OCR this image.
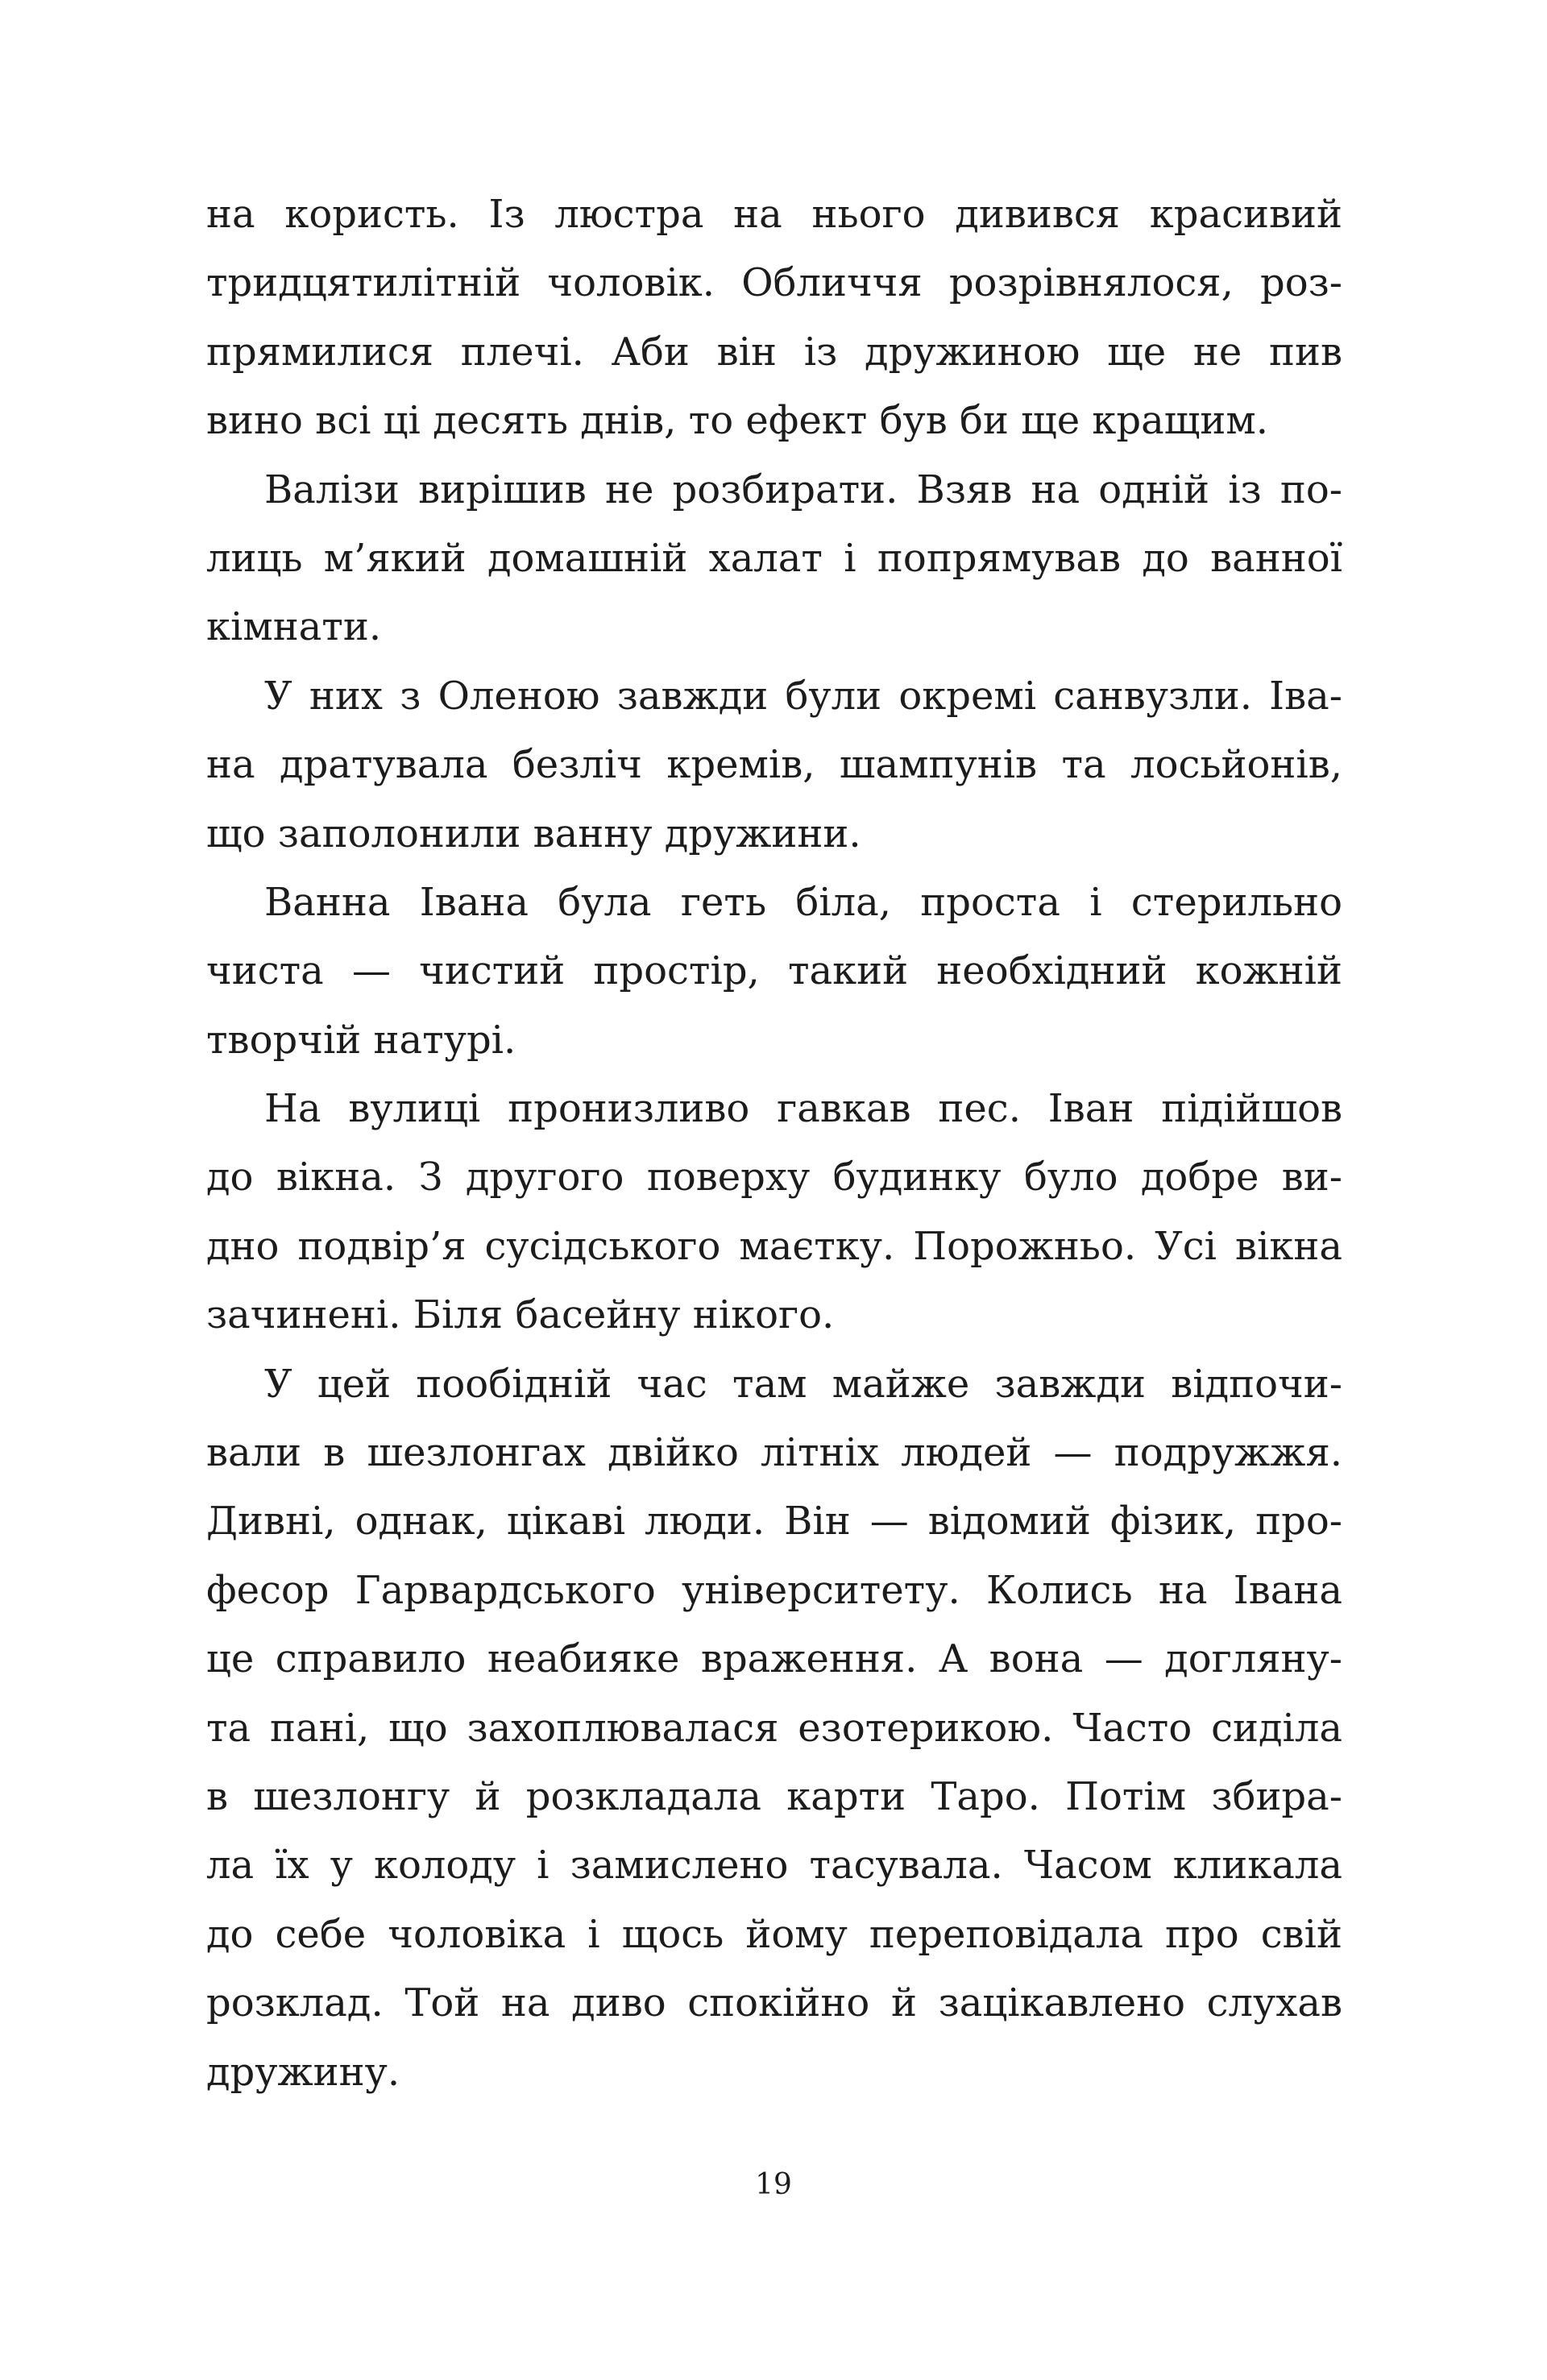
на користь. Із люстра на нього дивився красивий
тридцятилітній чоловік. Обличчя розрівнялося, роз-
прямилися плечі. Аби він із дружиною ще не пив
вино всі ці десять днів, то ефект був би ще кращим.
Валізи вирішив не розбирати. Взяв на одній із по-
лиць м’який домашній халат і попрямував до ванної
кімнати.
У них з Оленою завжди були окремі санвузли. Іва-
на дратувала безліч кремів, шампунів та лосьйонів,
що заполонили ванну дружини.
Ванна Івана була геть біла, проста і стерильно
чиста — чистий простір, такий необхідний кожній
творчій натурі.
На вулиці пронизливо гавкав пес. Іван підійшов
до вікна. З другого поверху будинку було добре ви-
дно подвір’я сусідського маєтку. Порожньо. Усі вікна
зачинені. Біля басейну нікого.
У цей пообідній час там майже завжди відпочи-
вали в шезлонгах двійко літніх людей — подружжя.
Дивні, однак, цікаві люди. Він — відомий фізик, про-
фесор Гарвардського університету. Колись на Івана
це справило неабияке враження. А вона — догляну-
та пані, що захоплювалася езотерикою. Часто сиділа
в шезлонгу й розкладала карти Таро. Потім збира-
ла їх у колоду і замислено тасувала. Часом кликала
до себе чоловіка і щось йому переповідала про свій
розклад. Той на диво спокійно й зацікавлено слухав
дружину.
19
